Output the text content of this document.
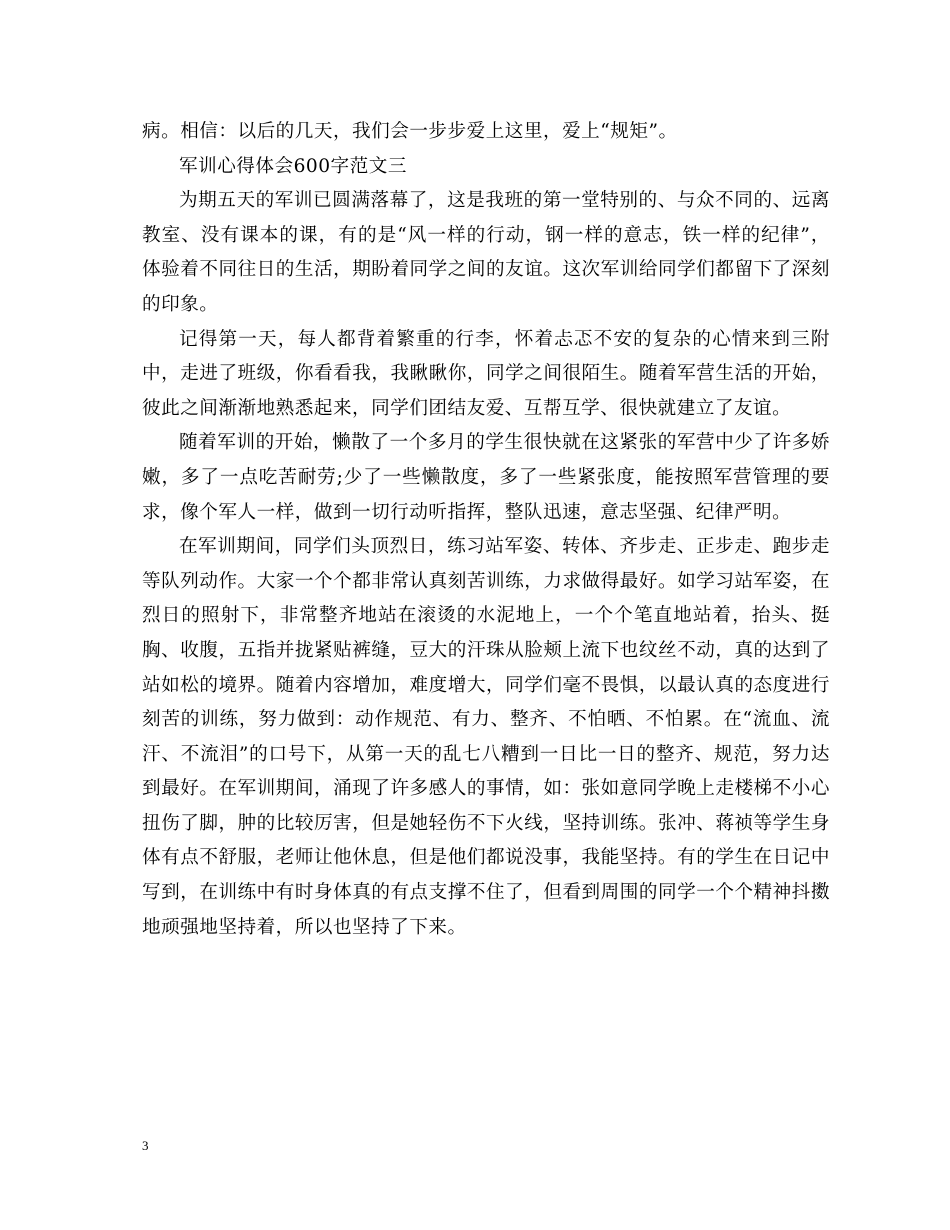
病。相信：以后的几天，我们会一步步爱上这里，爱上“规矩”。

军训心得体会600字范文三

为期五天的军训已圆满落幕了，这是我班的第一堂特别的、与众不同的、远离教室、没有课本的课，有的是“风一样的行动，钢一样的意志，铁一样的纪律”，体验着不同往日的生活，期盼着同学之间的友谊。这次军训给同学们都留下了深刻的印象。

记得第一天，每人都背着繁重的行李，怀着忐忑不安的复杂的心情来到三附中，走进了班级，你看看我，我瞅瞅你，同学之间很陌生。随着军营生活的开始，彼此之间渐渐地熟悉起来，同学们团结友爱、互帮互学、很快就建立了友谊。

随着军训的开始，懒散了一个多月的学生很快就在这紧张的军营中少了许多娇嫩，多了一点吃苦耐劳;少了一些懒散度，多了一些紧张度，能按照军营管理的要求，像个军人一样，做到一切行动听指挥，整队迅速，意志坚强、纪律严明。

在军训期间，同学们头顶烈日，练习站军姿、转体、齐步走、正步走、跑步走等队列动作。大家一个个都非常认真刻苦训练，力求做得最好。如学习站军姿，在烈日的照射下，非常整齐地站在滚烫的水泥地上，一个个笔直地站着，抬头、挺胸、收腹，五指并拢紧贴裤缝，豆大的汗珠从脸颊上流下也纹丝不动，真的达到了站如松的境界。随着内容增加，难度增大，同学们毫不畏惧，以最认真的态度进行刻苦的训练，努力做到：动作规范、有力、整齐、不怕晒、不怕累。在“流血、流汗、不流泪”的口号下，从第一天的乱七八糟到一日比一日的整齐、规范，努力达到最好。在军训期间，涌现了许多感人的事情，如：张如意同学晚上走楼梯不小心扭伤了脚，肿的比较厉害，但是她轻伤不下火线，坚持训练。张冲、蒋祯等学生身体有点不舒服，老师让他休息，但是他们都说没事，我能坚持。有的学生在日记中写到，在训练中有时身体真的有点支撑不住了，但看到周围的同学一个个精神抖擞地顽强地坚持着，所以也坚持了下来。

3
